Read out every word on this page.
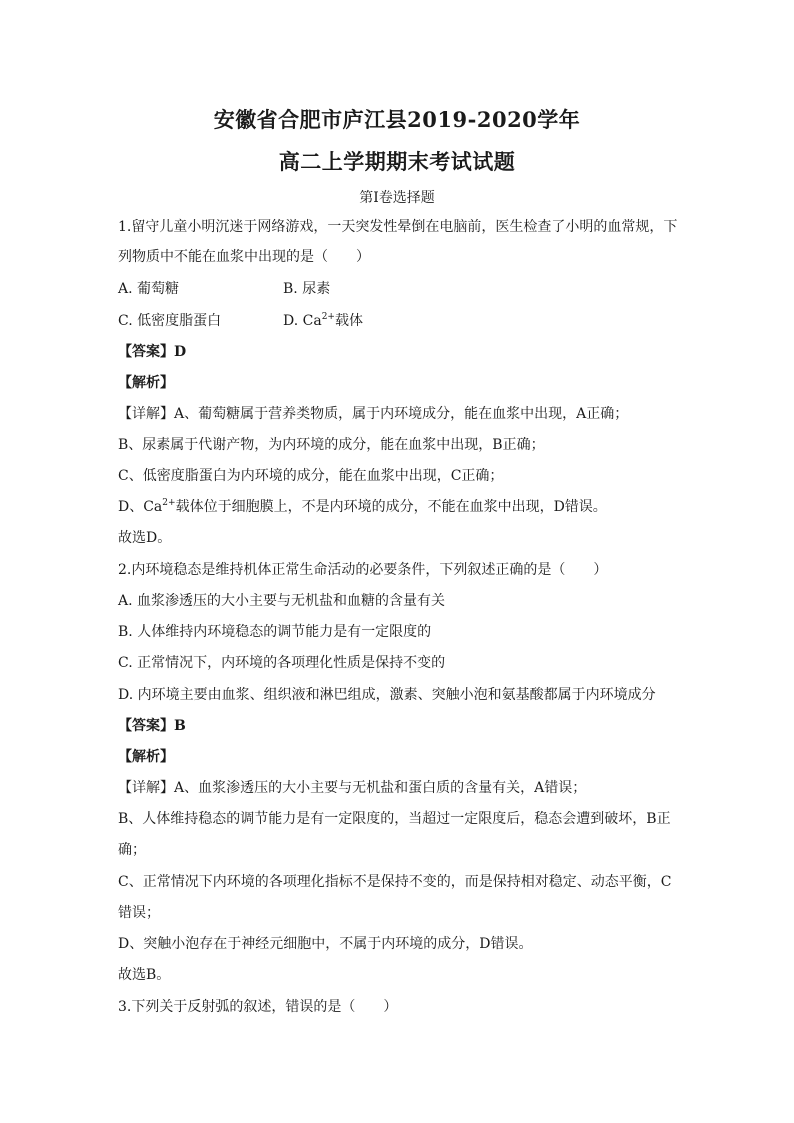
安徽省合肥市庐江县2019-2020学年
高二上学期期末考试试题
第Ⅰ卷选择题
1.留守儿童小明沉迷于网络游戏，一天突发性晕倒在电脑前，医生检查了小明的血常规，下
列物质中不能在血浆中出现的是（　　）
A. 葡萄糖	B. 尿素
C. 低密度脂蛋白	D. $Ca^{2+}$载体
【答案】D
【解析】
【详解】A、葡萄糖属于营养类物质，属于内环境成分，能在血浆中出现，A正确；
B、尿素属于代谢产物，为内环境的成分，能在血浆中出现，B正确；
C、低密度脂蛋白为内环境的成分，能在血浆中出现，C正确；
D、$Ca^{2+}$载体位于细胞膜上，不是内环境的成分，不能在血浆中出现，D错误。
故选D。
2.内环境稳态是维持机体正常生命活动的必要条件，下列叙述正确的是（　　）
A. 血浆渗透压的大小主要与无机盐和血糖的含量有关
B. 人体维持内环境稳态的调节能力是有一定限度的
C. 正常情况下，内环境的各项理化性质是保持不变的
D. 内环境主要由血浆、组织液和淋巴组成，激素、突触小泡和氨基酸都属于内环境成分
【答案】B
【解析】
【详解】A、血浆渗透压的大小主要与无机盐和蛋白质的含量有关，A错误；
B、人体维持稳态的调节能力是有一定限度的，当超过一定限度后，稳态会遭到破坏，B正
确；
C、正常情况下内环境的各项理化指标不是保持不变的，而是保持相对稳定、动态平衡，C
错误；
D、突触小泡存在于神经元细胞中，不属于内环境的成分，D错误。
故选B。
3.下列关于反射弧的叙述，错误的是（　　）
